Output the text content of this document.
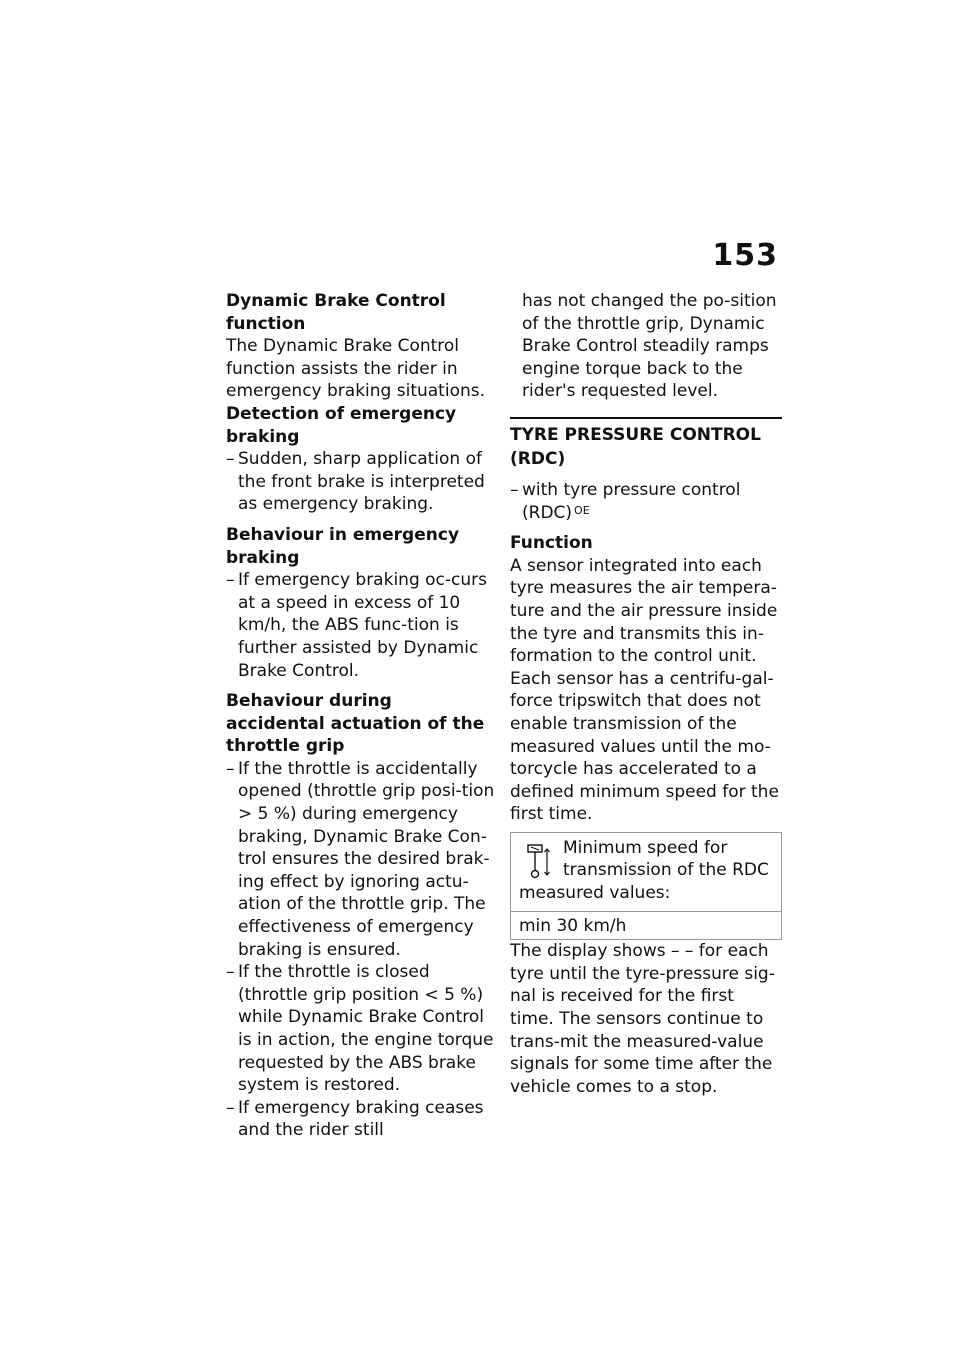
153
Dynamic Brake Control function

The Dynamic Brake Control function assists the rider in emergency braking situations.

Detection of emergency braking
– Sudden, sharp application of the front brake is interpreted as emergency braking.
Behaviour in emergency braking
– If emergency braking oc-curs at a speed in excess of 10 km/h, the ABS func-tion is further assisted by Dynamic Brake Control.
Behaviour during accidental actuation of the throttle grip
– If the throttle is accidentally opened (throttle grip posi-tion > 5 %) during emergency braking, Dynamic Brake Con-trol ensures the desired brak-ing effect by ignoring actu-ation of the throttle grip. The effectiveness of emergency braking is ensured.
– If the throttle is closed (throttle grip position < 5 %) while Dynamic Brake Control is in action, the engine torque requested by the ABS brake system is restored.
– If emergency braking ceases and the rider still

has not changed the po-sition of the throttle grip, Dynamic Brake Control steadily ramps engine torque back to the rider's requested level.

TYRE PRESSURE CONTROL (RDC)
– with tyre pressure control (RDC) $^{OE}$
Function

A sensor integrated into each tyre measures the air tempera-ture and the air pressure inside the tyre and transmits this in-formation to the control unit. Each sensor has a centrifu-gal-force tripswitch that does not enable transmission of the measured values until the mo-torcycle has accelerated to a defined minimum speed for the first time.

Minimum speed for
transmission of the RDC
measured values:
min 30 km/h

The display shows – – for each tyre until the tyre-pressure sig-nal is received for the first time. The sensors continue to trans-mit the measured-value signals for some time after the vehicle comes to a stop.
